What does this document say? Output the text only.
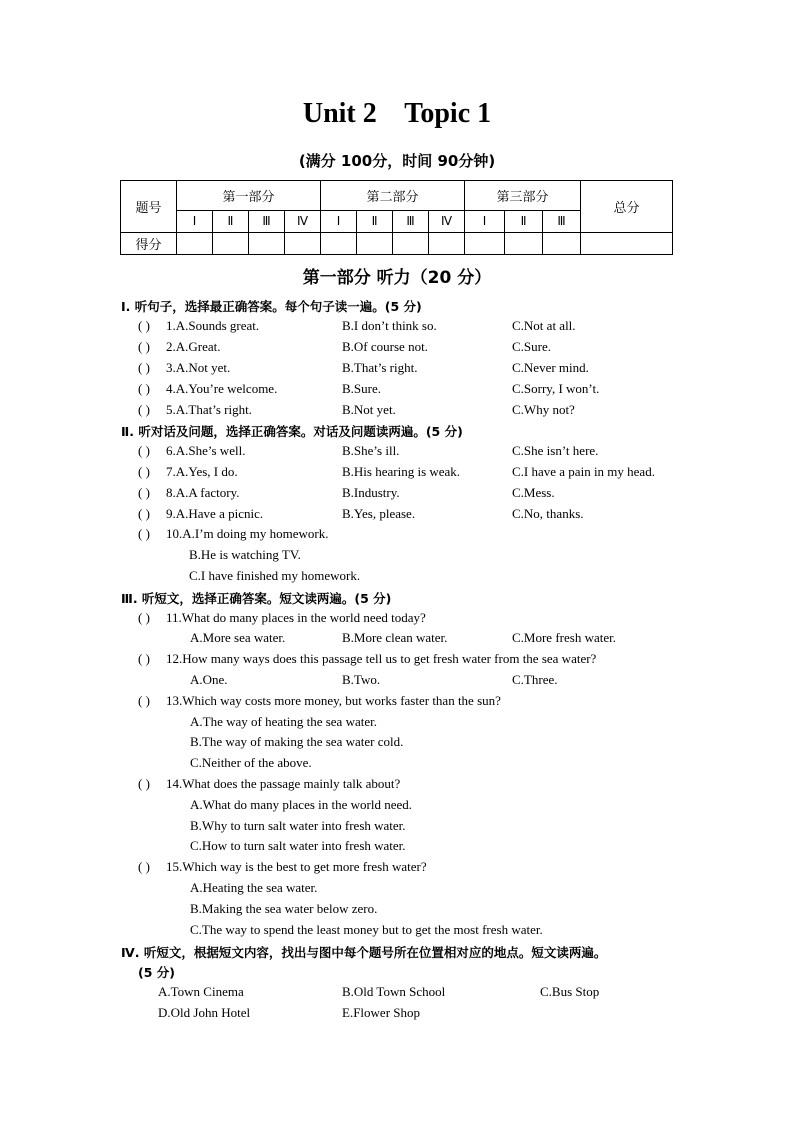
Unit 2    Topic 1
(满分 100分，时间 90分钟)
题号	第一部分				第二部分				第三部分			总分
	Ⅰ	Ⅱ	Ⅲ	Ⅳ	Ⅰ	Ⅱ	Ⅲ	Ⅳ	Ⅰ	Ⅱ	Ⅲ	
得分												
第一部分 听力（20 分）
Ⅰ. 听句子，选择最正确答案。每个句子读一遍。(5 分)
( ) 1.A.Sounds great.	B.I don’t think so.	C.Not at all.
( ) 2.A.Great.	B.Of course not.	C.Sure.
( ) 3.A.Not yet.	B.That’s right.	C.Never mind.
( ) 4.A.You’re welcome.	B.Sure.	C.Sorry, I won’t.
( ) 5.A.That’s right.	B.Not yet.	C.Why not?
Ⅱ. 听对话及问题，选择正确答案。对话及问题读两遍。(5 分)
( ) 6.A.She’s well.	B.She’s ill.	C.She isn’t here.
( ) 7.A.Yes, I do.	B.His hearing is weak.	C.I have a pain in my head.
( ) 8.A.A factory.	B.Industry.	C.Mess.
( ) 9.A.Have a picnic.	B.Yes, please.	C.No, thanks.
( ) 10.A.I’m doing my homework.
B.He is watching TV.
C.I have finished my homework.
Ⅲ. 听短文，选择正确答案。短文读两遍。(5 分)
( ) 11.What do many places in the world need today?
A.More sea water.	B.More clean water.	C.More fresh water.
( ) 12.How many ways does this passage tell us to get fresh water from the sea water?
A.One.	B.Two.	C.Three.
( ) 13.Which way costs more money, but works faster than the sun?
A.The way of heating the sea water.
B.The way of making the sea water cold.
C.Neither of the above.
( ) 14.What does the passage mainly talk about?
A.What do many places in the world need.
B.Why to turn salt water into fresh water.
C.How to turn salt water into fresh water.
( ) 15.Which way is the best to get more fresh water?
A.Heating the sea water.
B.Making the sea water below zero.
C.The way to spend the least money but to get the most fresh water.
Ⅳ. 听短文，根据短文内容，找出与图中每个题号所在位置相对应的地点。短文读两遍。
(5 分)
A.Town Cinema	B.Old Town School	C.Bus Stop
D.Old John Hotel	E.Flower Shop
